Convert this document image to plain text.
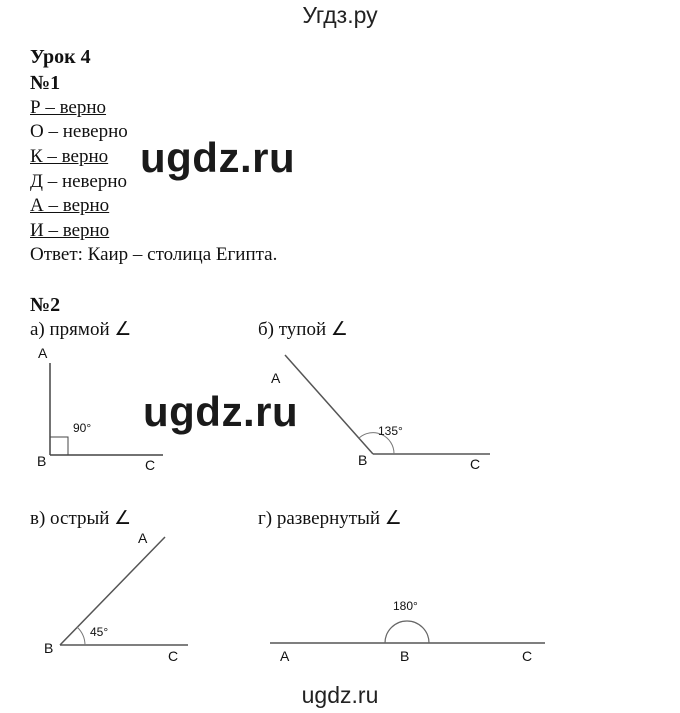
Угдз.ру
Урок 4
№1
Р – верно
О – неверно
К – верно
Д – неверно
А – верно
И – верно
Ответ: Каир – столица Египта.
ugdz.ru
№2
а) прямой ∠	б) тупой ∠
в) острый ∠	г) развернутый ∠
ugdz.ru
A
B	C
90°
A
B	C
135°
A
B	C
45°
A	B	C
180°
ugdz.ru
